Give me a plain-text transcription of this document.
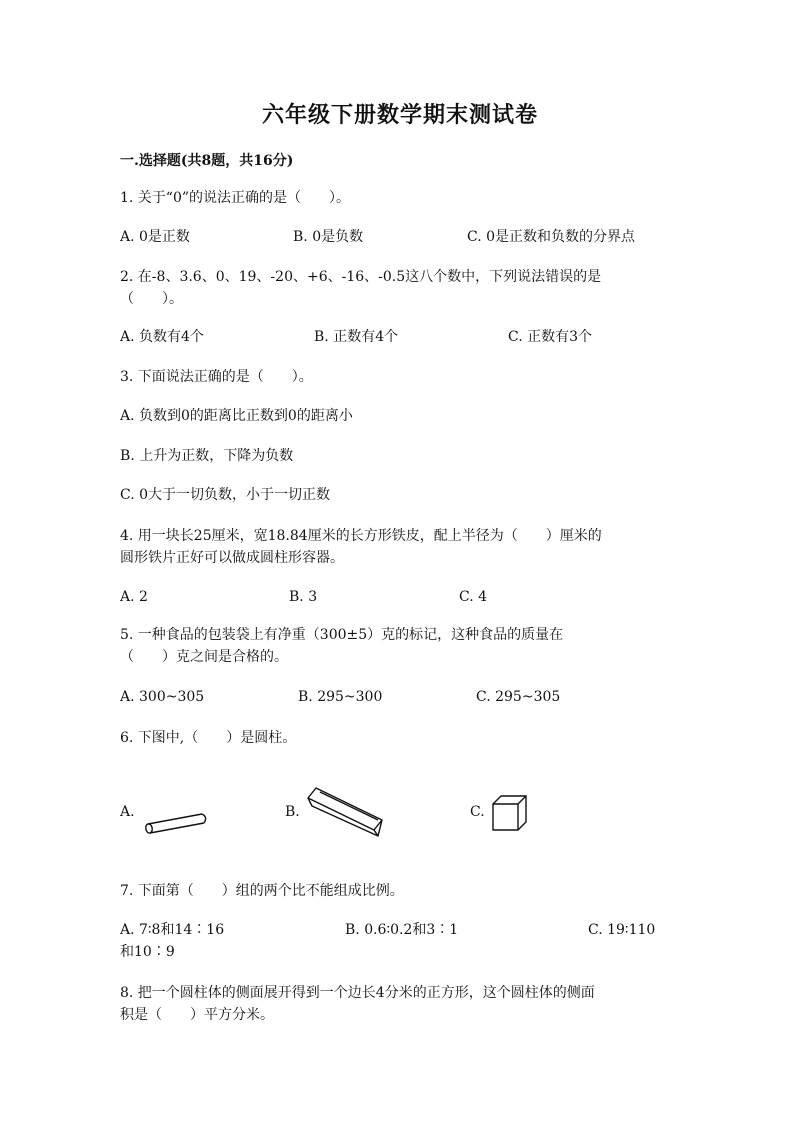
六年级下册数学期末测试卷
一.选择题(共8题，共16分)
1. 关于“0”的说法正确的是（　　）。
A. 0是正数	B. 0是负数	C. 0是正数和负数的分界点
2. 在-8、3.6、0、19、-20、+6、-16、-0.5这八个数中，下列说法错误的是
（　　）。
A. 负数有4个	B. 正数有4个	C. 正数有3个
3. 下面说法正确的是（　　）。
A. 负数到0的距离比正数到0的距离小
B. 上升为正数，下降为负数
C. 0大于一切负数，小于一切正数
4. 用一块长25厘米，宽18.84厘米的长方形铁皮，配上半径为（　　）厘米的
圆形铁片正好可以做成圆柱形容器。
A. 2	B. 3	C. 4
5. 一种食品的包装袋上有净重（300±5）克的标记，这种食品的质量在
（　　）克之间是合格的。
A. 300~305	B. 295~300	C. 295~305
6. 下图中,（　　）是圆柱。
A.	B.	C.
7. 下面第（　　）组的两个比不能组成比例。
A. 7∶8和14∶16	B. 0.6∶0.2和3∶1	C. 19∶110
和10∶9
8. 把一个圆柱体的侧面展开得到一个边长4分米的正方形，这个圆柱体的侧面
积是（　　）平方分米。
